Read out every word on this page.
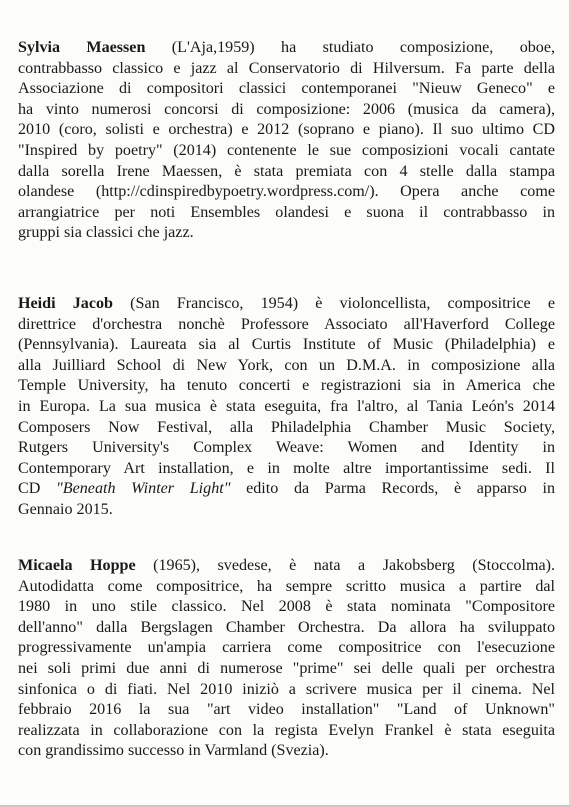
Sylvia Maessen (L'Aja,1959) ha studiato composizione, oboe,
contrabbasso classico e jazz al Conservatorio di Hilversum. Fa parte della
Associazione di compositori classici contemporanei "Nieuw Geneco" e
ha vinto numerosi concorsi di composizione: 2006 (musica da camera),
2010 (coro, solisti e orchestra) e 2012 (soprano e piano). Il suo ultimo CD
"Inspired by poetry" (2014) contenente le sue composizioni vocali cantate
dalla sorella Irene Maessen, è stata premiata con 4 stelle dalla stampa
olandese (http://cdinspiredbypoetry.wordpress.com/). Opera anche come
arrangiatrice per noti Ensembles olandesi e suona il contrabbasso in
gruppi sia classici che jazz.
Heidi Jacob (San Francisco, 1954) è violoncellista, compositrice e
direttrice d'orchestra nonchè Professore Associato all'Haverford College
(Pennsylvania). Laureata sia al Curtis Institute of Music (Philadelphia) e
alla Juilliard School di New York, con un D.M.A. in composizione alla
Temple University, ha tenuto concerti e registrazioni sia in America che
in Europa. La sua musica è stata eseguita, fra l'altro, al Tania León's 2014
Composers Now Festival, alla Philadelphia Chamber Music Society,
Rutgers University's Complex Weave: Women and Identity in
Contemporary Art installation, e in molte altre importantissime sedi. Il
CD "Beneath Winter Light" edito da Parma Records, è apparso in
Gennaio 2015.
Micaela Hoppe (1965), svedese, è nata a Jakobsberg (Stoccolma).
Autodidatta come compositrice, ha sempre scritto musica a partire dal
1980 in uno stile classico. Nel 2008 è stata nominata "Compositore
dell'anno" dalla Bergslagen Chamber Orchestra. Da allora ha sviluppato
progressivamente un'ampia carriera come compositrice con l'esecuzione
nei soli primi due anni di numerose "prime" sei delle quali per orchestra
sinfonica o di fiati. Nel 2010 iniziò a scrivere musica per il cinema. Nel
febbraio 2016 la sua "art video installation" "Land of Unknown"
realizzata in collaborazione con la regista Evelyn Frankel è stata eseguita
con grandissimo successo in Varmland (Svezia).
